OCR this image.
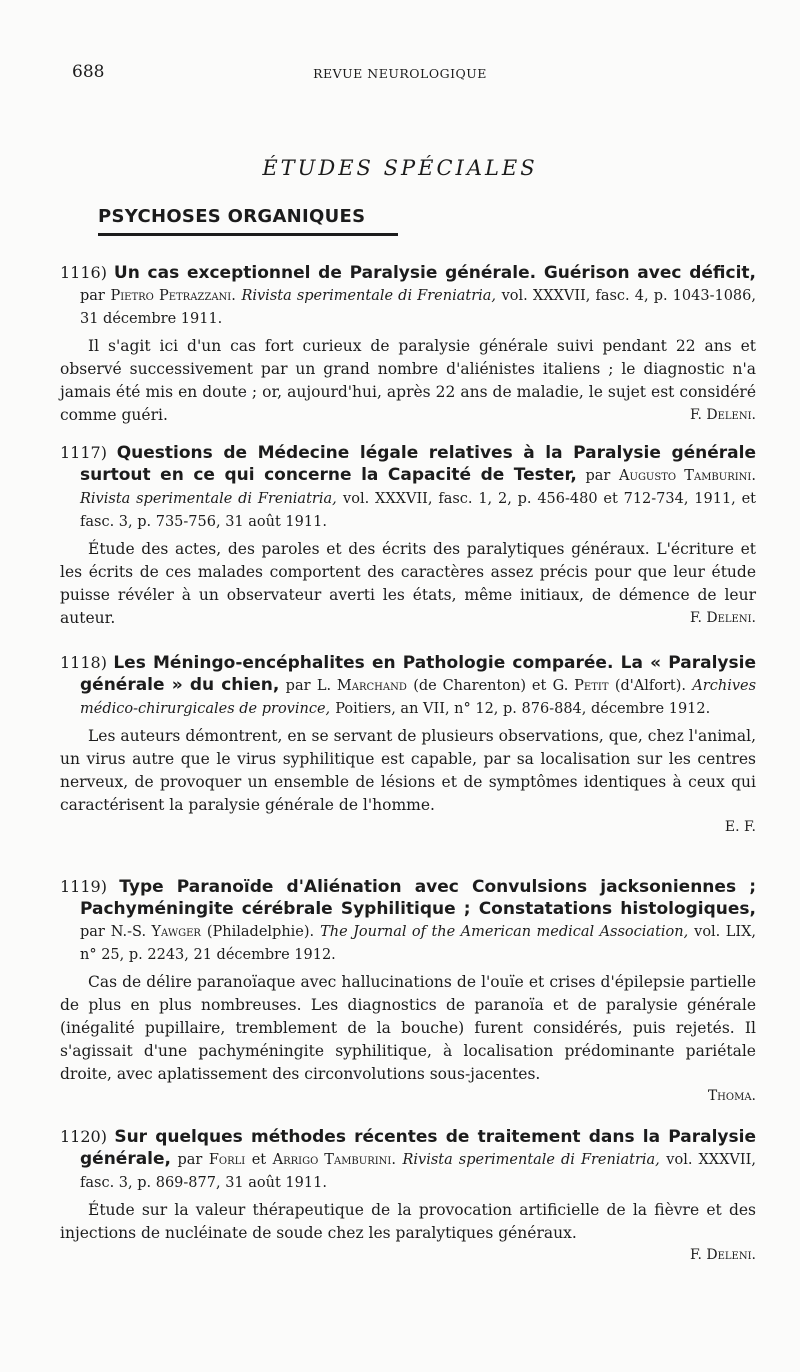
688	REVUE NEUROLOGIQUE
ÉTUDES SPÉCIALES
PSYCHOSES ORGANIQUES
1116) Un cas exceptionnel de Paralysie générale. Guérison avec déficit, par Pietro Petrazzani. Rivista sperimentale di Freniatria, vol. XXXVII, fasc. 4, p. 1043-1086, 31 décembre 1911.
Il s'agit ici d'un cas fort curieux de paralysie générale suivi pendant 22 ans et observé successivement par un grand nombre d'aliénistes italiens ; le diagnostic n'a jamais été mis en doute ; or, aujourd'hui, après 22 ans de maladie, le sujet est considéré comme guéri.	F. Deleni.
1117) Questions de Médecine légale relatives à la Paralysie générale surtout en ce qui concerne la Capacité de Tester, par Augusto Tamburini. Rivista sperimentale di Freniatria, vol. XXXVII, fasc. 1, 2, p. 456-480 et 712-734, 1911, et fasc. 3, p. 735-756, 31 août 1911.
Étude des actes, des paroles et des écrits des paralytiques généraux. L'écriture et les écrits de ces malades comportent des caractères assez précis pour que leur étude puisse révéler à un observateur averti les états, même initiaux, de démence de leur auteur.	F. Deleni.
1118) Les Méningo-encéphalites en Pathologie comparée. La « Paralysie générale » du chien, par L. Marchand (de Charenton) et G. Petit (d'Alfort). Archives médico-chirurgicales de province, Poitiers, an VII, n° 12, p. 876-884, décembre 1912.
Les auteurs démontrent, en se servant de plusieurs observations, que, chez l'animal, un virus autre que le virus syphilitique est capable, par sa localisation sur les centres nerveux, de provoquer un ensemble de lésions et de symptômes identiques à ceux qui caractérisent la paralysie générale de l'homme.
E. F.
1119) Type Paranoïde d'Aliénation avec Convulsions jacksoniennes ; Pachyméningite cérébrale Syphilitique ; Constatations histologiques, par N.-S. Yawger (Philadelphie). The Journal of the American medical Association, vol. LIX, n° 25, p. 2243, 21 décembre 1912.
Cas de délire paranoïaque avec hallucinations de l'ouïe et crises d'épilepsie partielle de plus en plus nombreuses. Les diagnostics de paranoïa et de paralysie générale (inégalité pupillaire, tremblement de la bouche) furent considérés, puis rejetés. Il s'agissait d'une pachyméningite syphilitique, à localisation prédominante pariétale droite, avec aplatissement des circonvolutions sous-jacentes.
Thoma.
1120) Sur quelques méthodes récentes de traitement dans la Paralysie générale, par Forli et Arrigo Tamburini. Rivista sperimentale di Freniatria, vol. XXXVII, fasc. 3, p. 869-877, 31 août 1911.
Étude sur la valeur thérapeutique de la provocation artificielle de la fièvre et des injections de nucléinate de soude chez les paralytiques généraux.
F. Deleni.
